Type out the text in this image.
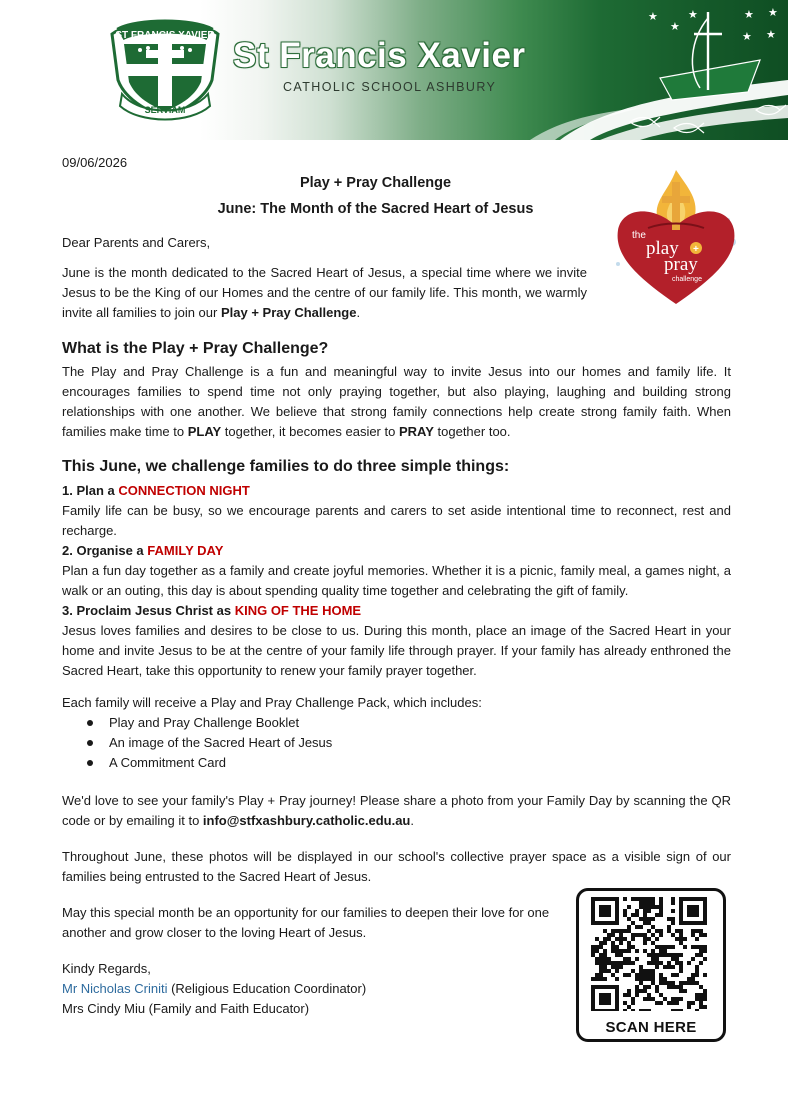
★
★
★	★ ★
★ ★
ST FRANCIS XAVIER
SERVIAM
St Francis Xavier
CATHOLIC SCHOOL ASHBURY
09/06/2026
Play + Pray Challenge
June: The Month of the Sacred Heart of Jesus
the
play +
pray
challenge
Dear Parents and Carers,

June is the month dedicated to the Sacred Heart of Jesus, a special time where we invite Jesus to be the King of our Homes and the centre of our family life. This month, we warmly invite all families to join our Play + Pray Challenge.

What is the Play + Pray Challenge?

The Play and Pray Challenge is a fun and meaningful way to invite Jesus into our homes and family life. It encourages families to spend time not only praying together, but also playing, laughing and building strong relationships with one another. We believe that strong family connections help create strong family faith. When families make time to PLAY together, it becomes easier to PRAY together too.

This June, we challenge families to do three simple things:
1. Plan a CONNECTION NIGHT

Family life can be busy, so we encourage parents and carers to set aside intentional time to reconnect, rest and recharge.

2. Organise a FAMILY DAY

Plan a fun day together as a family and create joyful memories. Whether it is a picnic, family meal, a games night, a walk or an outing, this day is about spending quality time together and celebrating the gift of family.

3. Proclaim Jesus Christ as KING OF THE HOME

Jesus loves families and desires to be close to us. During this month, place an image of the Sacred Heart in your home and invite Jesus to be at the centre of your family life through prayer. If your family has already enthroned the Sacred Heart, take this opportunity to renew your family prayer together.

Each family will receive a Play and Pray Challenge Pack, which includes:
Play and Pray Challenge Booklet
An image of the Sacred Heart of Jesus
A Commitment Card

We'd love to see your family's Play + Pray journey! Please share a photo from your Family Day by scanning the QR code or by emailing it to info@stfxashbury.catholic.edu.au.

Throughout June, these photos will be displayed in our school's collective prayer space as a visible sign of our families being entrusted to the Sacred Heart of Jesus.

May this special month be an opportunity for our families to deepen their love for one another and grow closer to the loving Heart of Jesus.

Kindy Regards,
Mr Nicholas Criniti (Religious Education Coordinator)
Mrs Cindy Miu (Family and Faith Educator)
SCAN HERE
